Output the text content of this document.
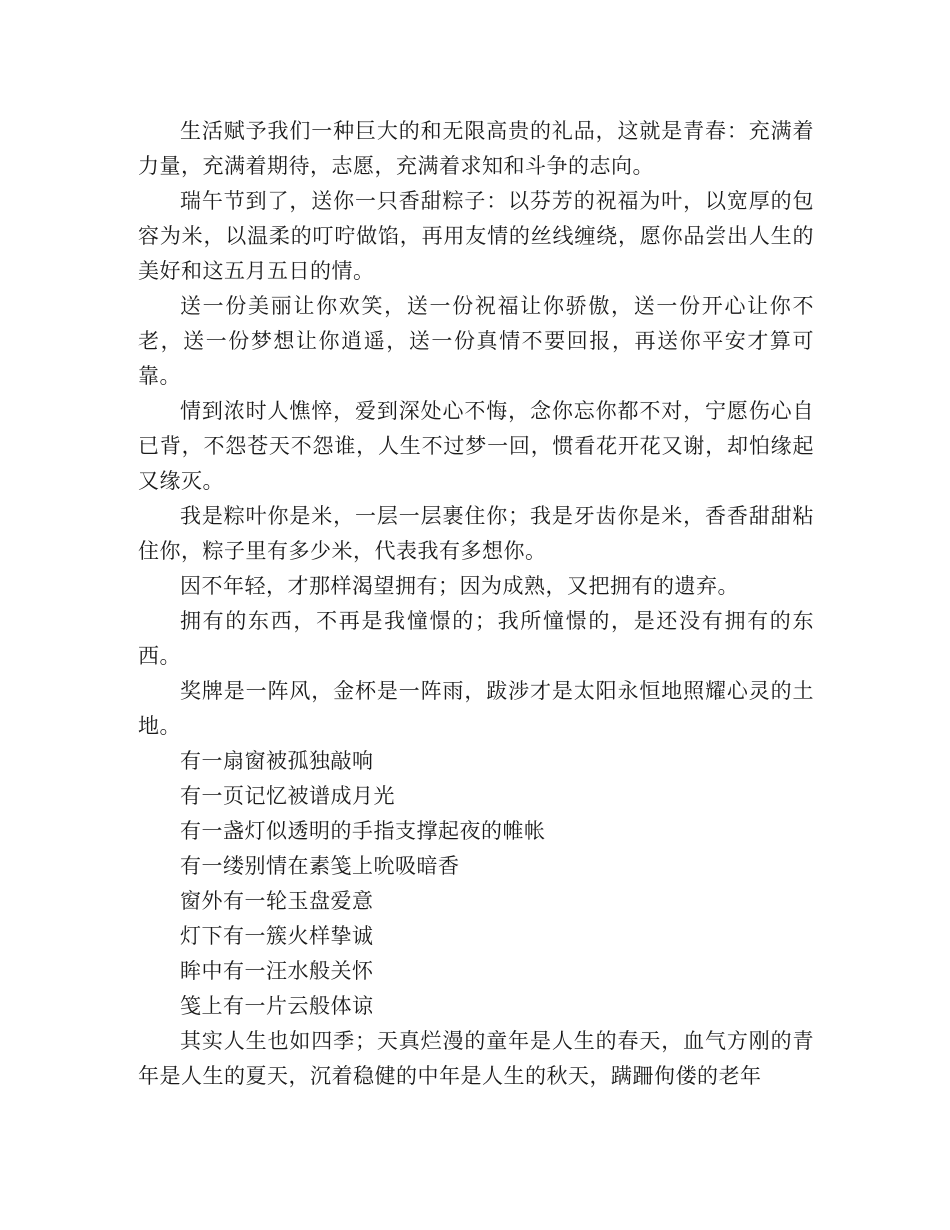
生活赋予我们一种巨大的和无限高贵的礼品，这就是青春：充满着力量，充满着期待，志愿，充满着求知和斗争的志向。

瑞午节到了，送你一只香甜粽子：以芬芳的祝福为叶，以宽厚的包容为米，以温柔的叮咛做馅，再用友情的丝线缠绕，愿你品尝出人生的美好和这五月五日的情。

送一份美丽让你欢笑，送一份祝福让你骄傲，送一份开心让你不老，送一份梦想让你逍遥，送一份真情不要回报，再送你平安才算可靠。

情到浓时人憔悴，爱到深处心不悔，念你忘你都不对，宁愿伤心自已背，不怨苍天不怨谁，人生不过梦一回，惯看花开花又谢，却怕缘起又缘灭。

我是粽叶你是米，一层一层裹住你；我是牙齿你是米，香香甜甜粘住你，粽子里有多少米，代表我有多想你。

因不年轻，才那样渴望拥有；因为成熟，又把拥有的遗弃。

拥有的东西，不再是我憧憬的；我所憧憬的，是还没有拥有的东西。

奖牌是一阵风，金杯是一阵雨，跋涉才是太阳永恒地照耀心灵的土地。

有一扇窗被孤独敲响

有一页记忆被谱成月光

有一盏灯似透明的手指支撑起夜的帷帐

有一缕别情在素笺上吮吸暗香

窗外有一轮玉盘爱意

灯下有一簇火样挚诚

眸中有一汪水般关怀

笺上有一片云般体谅

其实人生也如四季；天真烂漫的童年是人生的春天，血气方刚的青年是人生的夏天，沉着稳健的中年是人生的秋天，蹒跚佝偻的老年
